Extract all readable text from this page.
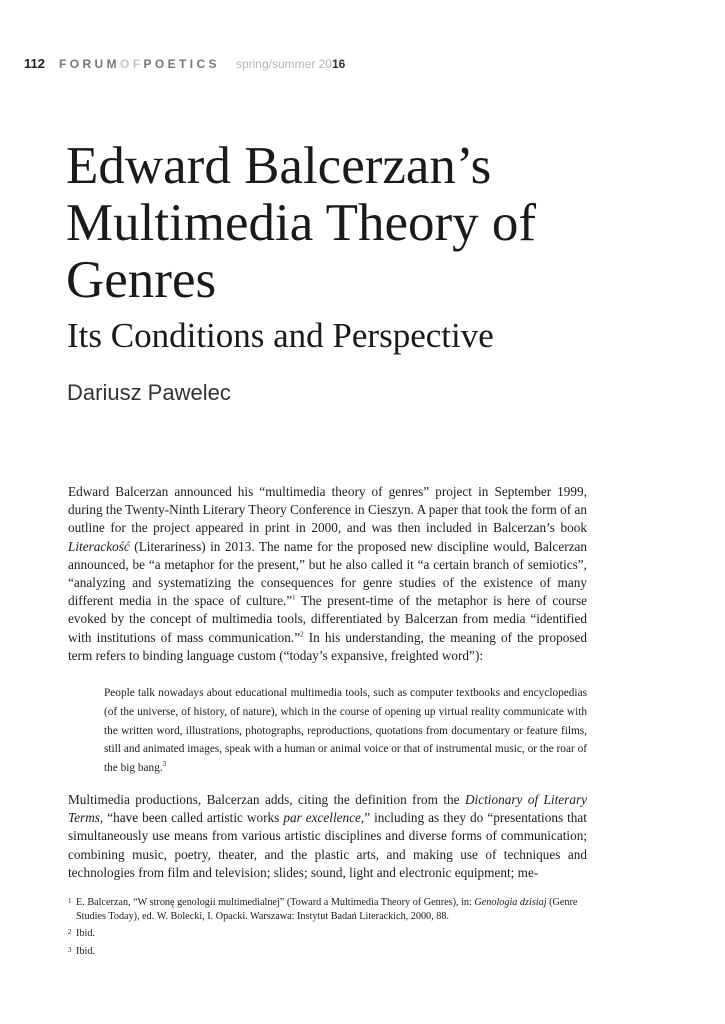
112 FORUMOFPOETICS spring/summer 2016
Edward Balcerzan’s Multimedia Theory of Genres
Its Conditions and Perspective
Dariusz Pawelec

Edward Balcerzan announced his “multimedia theory of genres” project in September 1999, during the Twenty-Ninth Literary Theory Conference in Cieszyn. A paper that took the form of an outline for the project appeared in print in 2000, and was then included in Balcerzan’s book Literackość (Literariness) in 2013. The name for the proposed new discipline would, Balcerzan announced, be “a metaphor for the present,” but he also called it “a certain branch of semiotics”, “analyzing and systematizing the consequences for genre studies of the existence of many different media in the space of culture.”$^1$ The present-time of the metaphor is here of course evoked by the concept of multimedia tools, differentiated by Balcerzan from media “identified with institutions of mass communication.”$^2$ In his understanding, the meaning of the proposed term refers to binding language custom (“today’s expansive, freighted word”):

People talk nowadays about educational multimedia tools, such as computer textbooks and encyclopedias (of the universe, of history, of nature), which in the course of opening up virtual reality communicate with the written word, illustrations, photographs, reproductions, quotations from documentary or feature films, still and animated images, speak with a human or animal voice or that of instrumental music, or the roar of the big bang.$^3$

Multimedia productions, Balcerzan adds, citing the definition from the Dictionary of Literary Terms, “have been called artistic works par excellence,” including as they do “presentations that simultaneously use means from various artistic disciplines and diverse forms of communication; combining music, poetry, theater, and the plastic arts, and making use of techniques and technologies from film and television; slides; sound, light and electronic equipment; me-

1 E. Balcerzan, “W stronę genologii multimedialnej” (Toward a Multimedia Theory of Genres), in: Genologia dzisiaj (Genre Studies Today), ed. W. Bolecki, I. Opacki. Warszawa: Instytut Badań Literackich, 2000, 88.
2 Ibid.
3 Ibid.
